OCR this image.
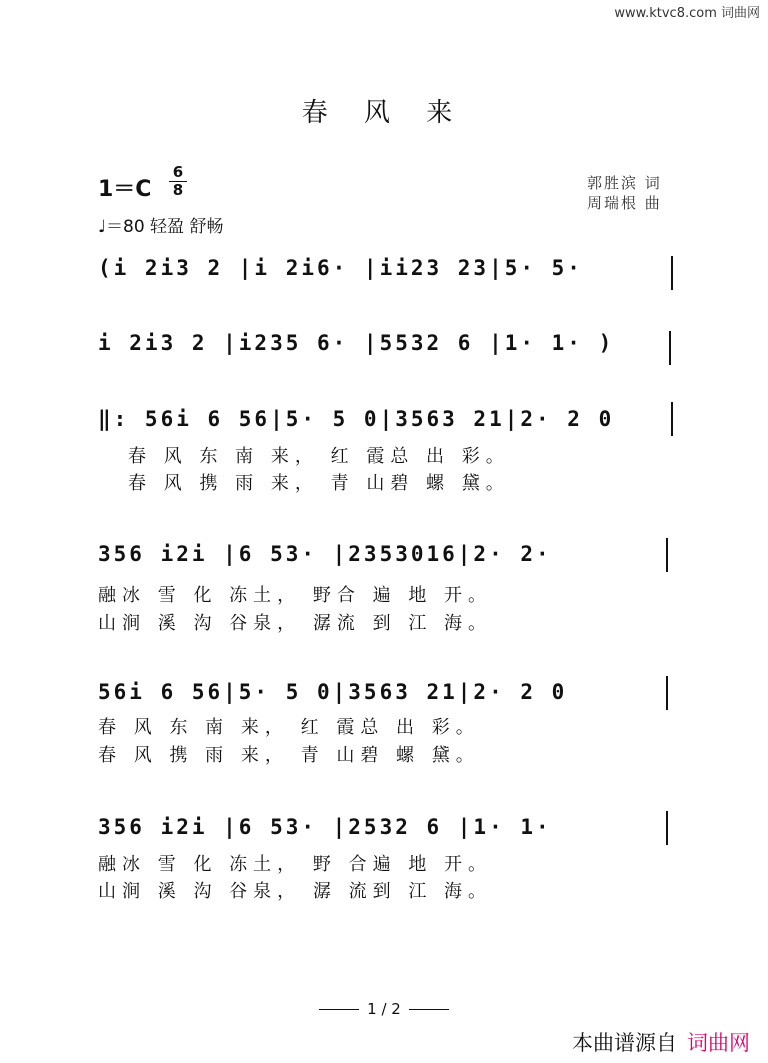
www.ktvc8.com 词曲网
春 风 来
1＝C
6
8
♩＝80 轻盈 舒畅
郭胜滨 词
周瑞根 曲
(i 2i3 2 |i 2i6· |ii23 23|5· 5·
i 2i3 2 |i235 6· |5532 6 |1· 1· )
‖: 56i 6 56|5· 5 0|3563 21|2· 2 0
春 风 东 南 来， 红 霞总 出 彩。
春 风 携 雨 来， 青 山碧 螺 黛。
356 i2i |6 53· |2353016|2· 2·
融冰 雪 化 冻土， 野合 遍 地 开。
山涧 溪 沟 谷泉， 潺流 到 江 海。
56i 6 56|5· 5 0|3563 21|2· 2 0
春 风 东 南 来， 红 霞总 出 彩。
春 风 携 雨 来， 青 山碧 螺 黛。
356 i2i |6 53· |2532 6 |1· 1·
融冰 雪 化 冻土， 野 合遍 地 开。
山涧 溪 沟 谷泉， 潺 流到 江 海。
1 / 2
本曲谱源自 词曲网
